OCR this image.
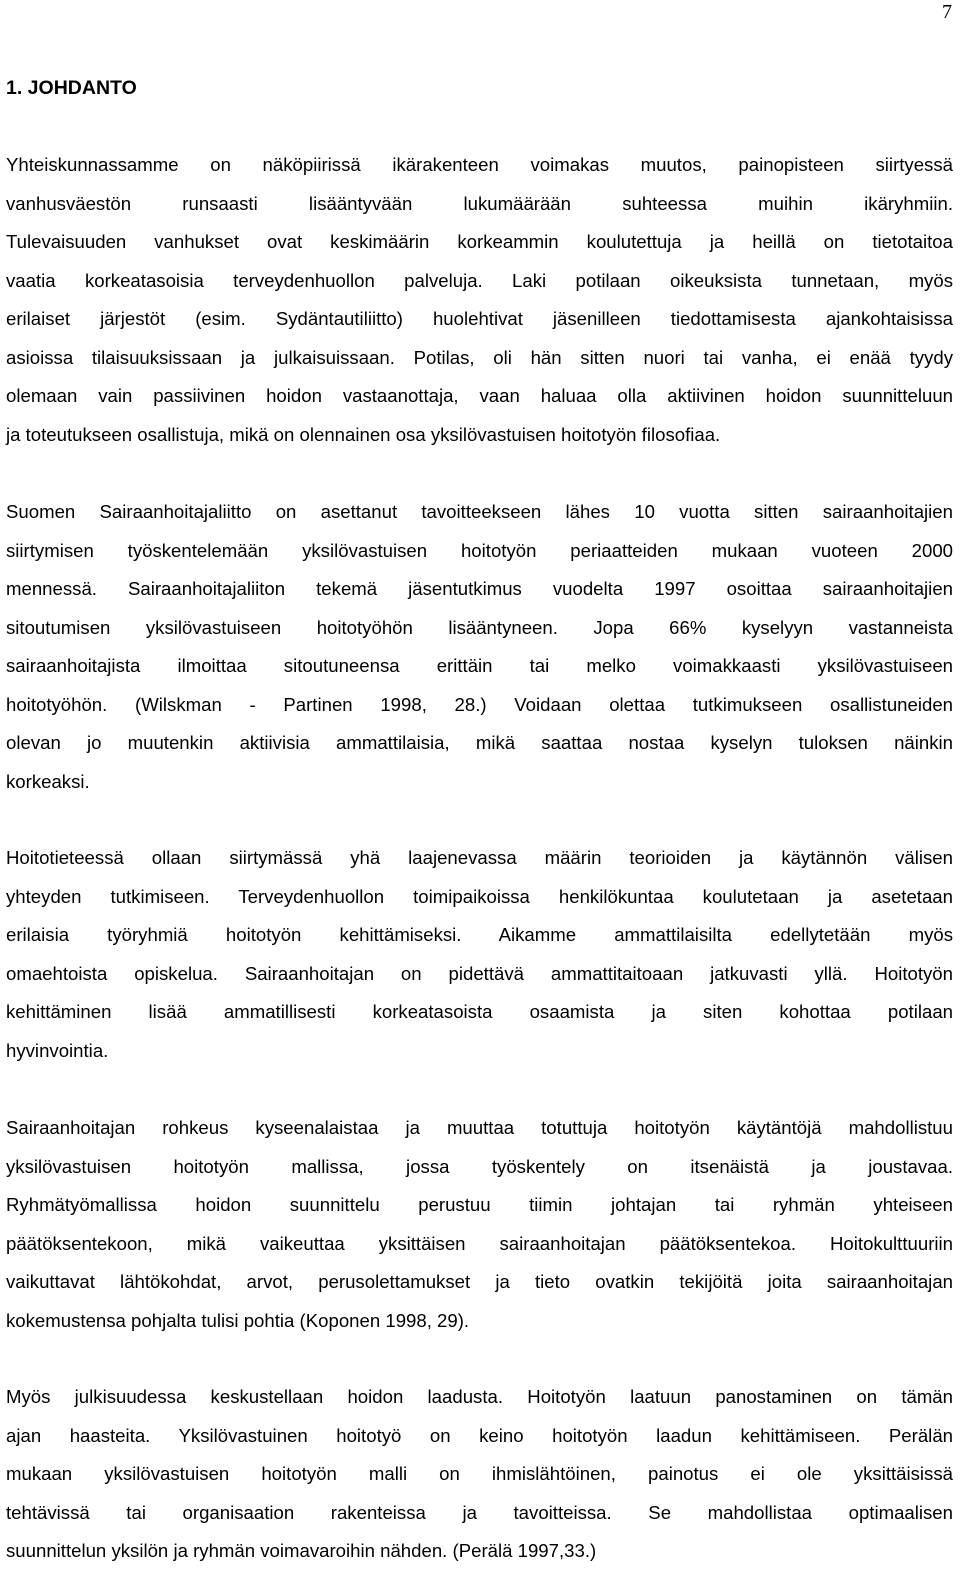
7
1. JOHDANTO
Yhteiskunnassamme on näköpiirissä ikärakenteen voimakas muutos, painopisteen siirtyessä
vanhusväestön runsaasti lisääntyvään lukumäärään suhteessa muihin ikäryhmiin.
Tulevaisuuden vanhukset ovat keskimäärin korkeammin koulutettuja ja heillä on tietotaitoa
vaatia korkeatasoisia terveydenhuollon palveluja. Laki potilaan oikeuksista tunnetaan, myös
erilaiset järjestöt (esim. Sydäntautiliitto) huolehtivat jäsenilleen tiedottamisesta ajankohtaisissa
asioissa tilaisuuksissaan ja julkaisuissaan. Potilas, oli hän sitten nuori tai vanha, ei enää tyydy
olemaan vain passiivinen hoidon vastaanottaja, vaan haluaa olla aktiivinen hoidon suunnitteluun
ja toteutukseen osallistuja, mikä on olennainen osa yksilövastuisen hoitotyön filosofiaa.
Suomen Sairaanhoitajaliitto on asettanut tavoitteekseen lähes 10 vuotta sitten sairaanhoitajien
siirtymisen työskentelemään yksilövastuisen hoitotyön periaatteiden mukaan vuoteen 2000
mennessä. Sairaanhoitajaliiton tekemä jäsentutkimus vuodelta 1997 osoittaa sairaanhoitajien
sitoutumisen yksilövastuiseen hoitotyöhön lisääntyneen. Jopa 66% kyselyyn vastanneista
sairaanhoitajista ilmoittaa sitoutuneensa erittäin tai melko voimakkaasti yksilövastuiseen
hoitotyöhön. (Wilskman - Partinen 1998, 28.) Voidaan olettaa tutkimukseen osallistuneiden
olevan jo muutenkin aktiivisia ammattilaisia, mikä saattaa nostaa kyselyn tuloksen näinkin
korkeaksi.
Hoitotieteessä ollaan siirtymässä yhä laajenevassa määrin teorioiden ja käytännön välisen
yhteyden tutkimiseen. Terveydenhuollon toimipaikoissa henkilökuntaa koulutetaan ja asetetaan
erilaisia työryhmiä hoitotyön kehittämiseksi. Aikamme ammattilaisilta edellytetään myös
omaehtoista opiskelua. Sairaanhoitajan on pidettävä ammattitaitoaan jatkuvasti yllä. Hoitotyön
kehittäminen lisää ammatillisesti korkeatasoista osaamista ja siten kohottaa potilaan
hyvinvointia.
Sairaanhoitajan rohkeus kyseenalaistaa ja muuttaa totuttuja hoitotyön käytäntöjä mahdollistuu
yksilövastuisen hoitotyön mallissa, jossa työskentely on itsenäistä ja joustavaa.
Ryhmätyömallissa hoidon suunnittelu perustuu tiimin johtajan tai ryhmän yhteiseen
päätöksentekoon, mikä vaikeuttaa yksittäisen sairaanhoitajan päätöksentekoa. Hoitokulttuuriin
vaikuttavat lähtökohdat, arvot, perusolettamukset ja tieto ovatkin tekijöitä joita sairaanhoitajan
kokemustensa pohjalta tulisi pohtia (Koponen 1998, 29).
Myös julkisuudessa keskustellaan hoidon laadusta. Hoitotyön laatuun panostaminen on tämän
ajan haasteita. Yksilövastuinen hoitotyö on keino hoitotyön laadun kehittämiseen. Perälän
mukaan yksilövastuisen hoitotyön malli on ihmislähtöinen, painotus ei ole yksittäisissä
tehtävissä tai organisaation rakenteissa ja tavoitteissa. Se mahdollistaa optimaalisen
suunnittelun yksilön ja ryhmän voimavaroihin nähden. (Perälä 1997,33.)
